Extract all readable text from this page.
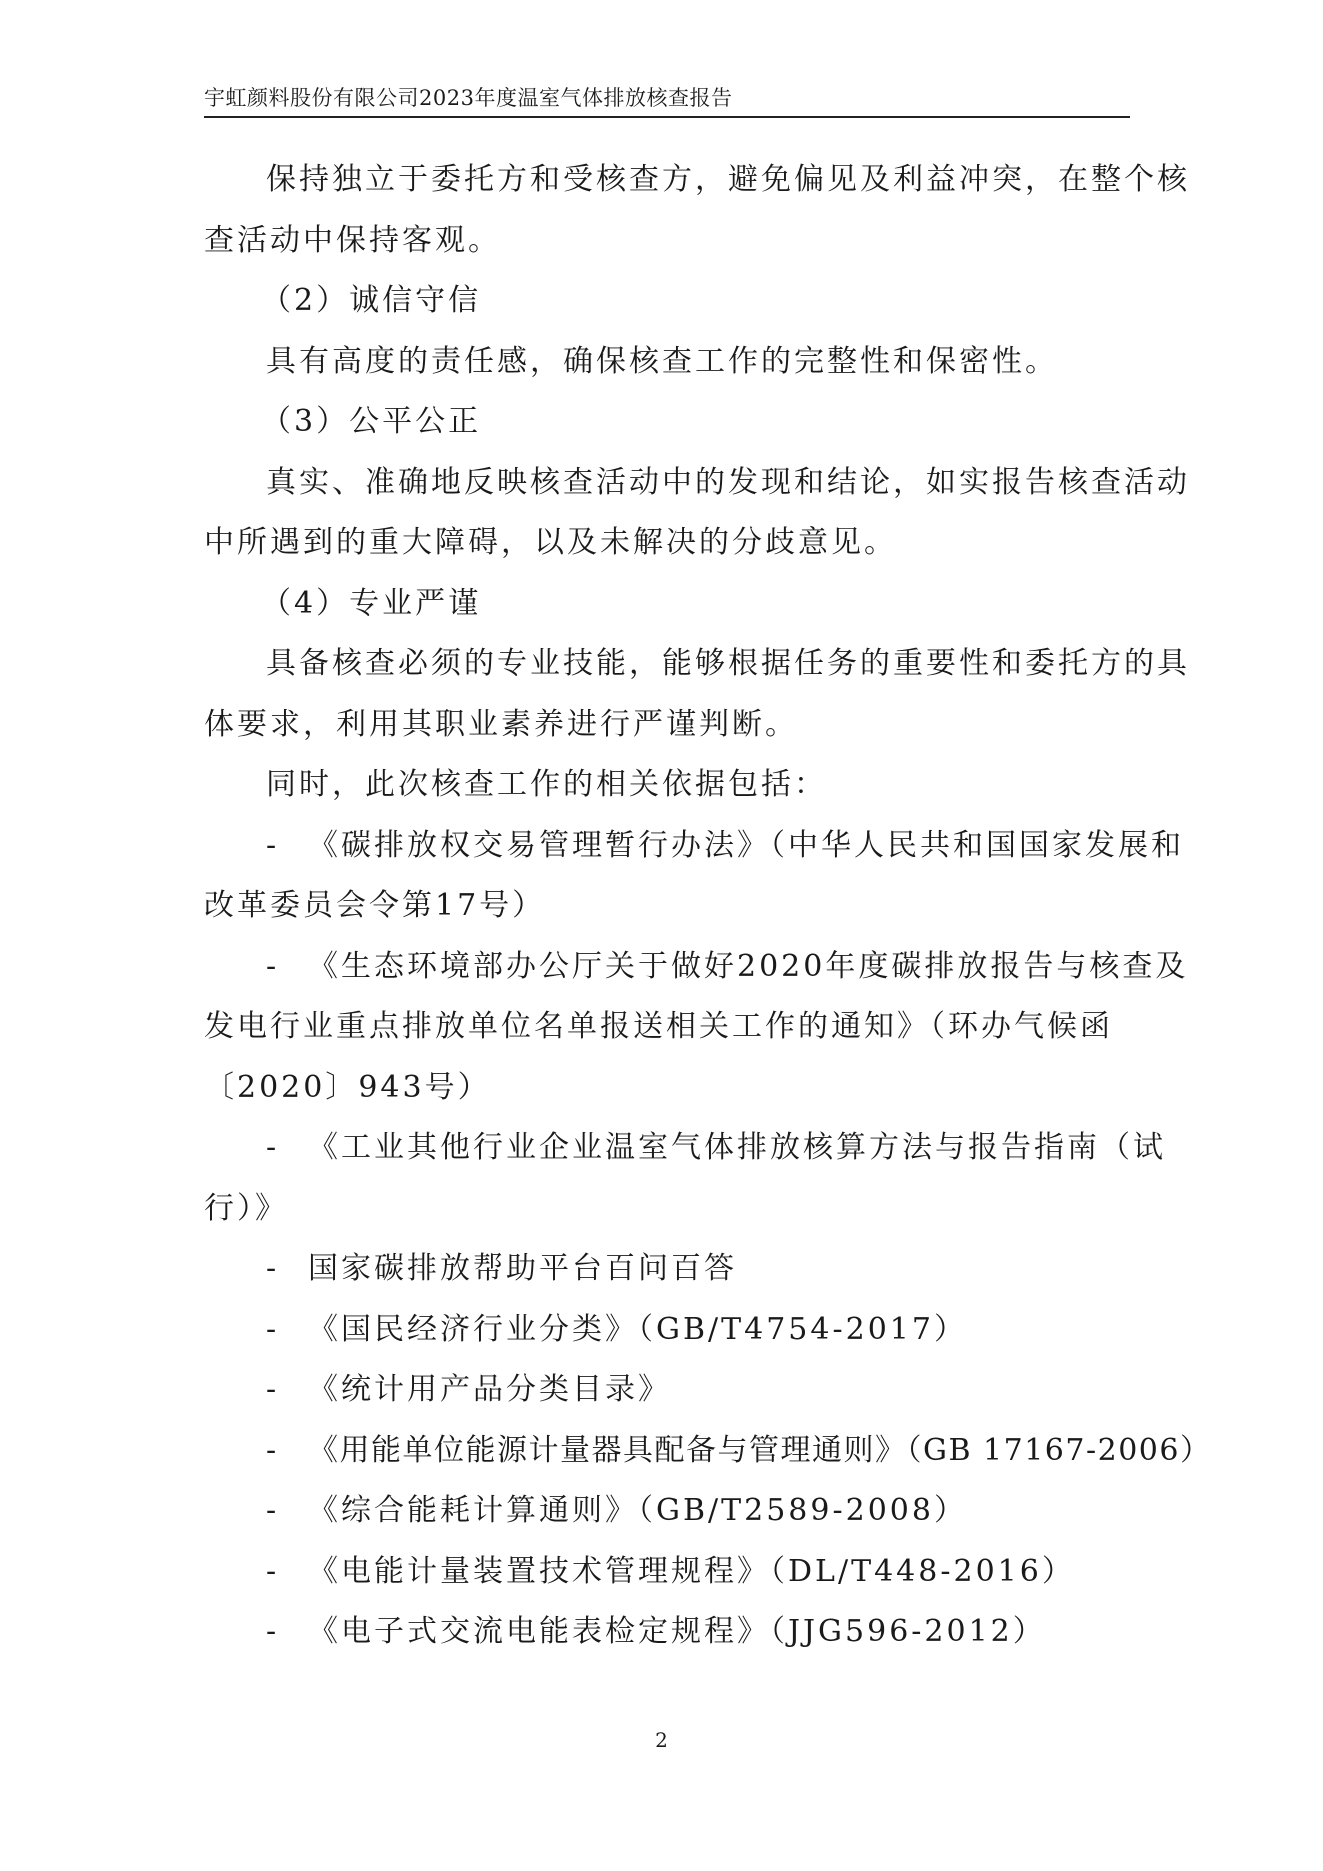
宇虹颜料股份有限公司2023年度温室气体排放核查报告
保持独立于委托方和受核查方，避免偏见及利益冲突，在整个核
查活动中保持客观。
（2）诚信守信
具有高度的责任感，确保核查工作的完整性和保密性。
（3）公平公正
真实、准确地反映核查活动中的发现和结论，如实报告核查活动
中所遇到的重大障碍，以及未解决的分歧意见。
（4）专业严谨
具备核查必须的专业技能，能够根据任务的重要性和委托方的具
体要求，利用其职业素养进行严谨判断。
同时，此次核查工作的相关依据包括：
- 《碳排放权交易管理暂行办法》（中华人民共和国国家发展和
改革委员会令第17号）
- 《生态环境部办公厅关于做好2020年度碳排放报告与核查及
发电行业重点排放单位名单报送相关工作的通知》（环办气候函
〔2020〕943号）
- 《工业其他行业企业温室气体排放核算方法与报告指南（试
行）》
- 国家碳排放帮助平台百问百答
- 《国民经济行业分类》（GB/T4754-2017）
- 《统计用产品分类目录》
- 《用能单位能源计量器具配备与管理通则》（GB 17167-2006）
- 《综合能耗计算通则》（GB/T2589-2008）
- 《电能计量装置技术管理规程》（DL/T448-2016）
- 《电子式交流电能表检定规程》（JJG596-2012）
2
